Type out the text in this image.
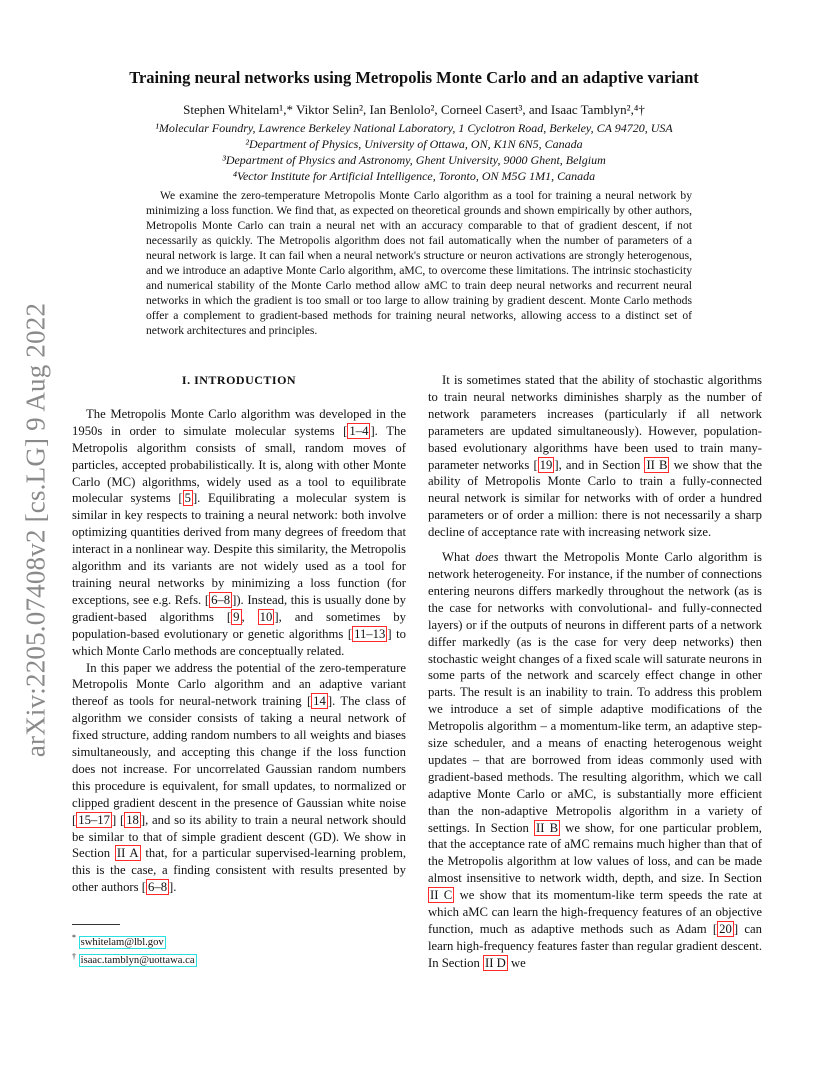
arXiv:2205.07408v2 [cs.LG] 9 Aug 2022
Training neural networks using Metropolis Monte Carlo and an adaptive variant
Stephen Whitelam¹,* Viktor Selin², Ian Benlolo², Corneel Casert³, and Isaac Tamblyn²,⁴†
¹Molecular Foundry, Lawrence Berkeley National Laboratory, 1 Cyclotron Road, Berkeley, CA 94720, USA
²Department of Physics, University of Ottawa, ON, K1N 6N5, Canada
³Department of Physics and Astronomy, Ghent University, 9000 Ghent, Belgium
⁴Vector Institute for Artificial Intelligence, Toronto, ON M5G 1M1, Canada

We examine the zero-temperature Metropolis Monte Carlo algorithm as a tool for training a neural network by minimizing a loss function. We find that, as expected on theoretical grounds and shown empirically by other authors, Metropolis Monte Carlo can train a neural net with an accuracy comparable to that of gradient descent, if not necessarily as quickly. The Metropolis algorithm does not fail automatically when the number of parameters of a neural network is large. It can fail when a neural network's structure or neuron activations are strongly heterogenous, and we introduce an adaptive Monte Carlo algorithm, aMC, to overcome these limitations. The intrinsic stochasticity and numerical stability of the Monte Carlo method allow aMC to train deep neural networks and recurrent neural networks in which the gradient is too small or too large to allow training by gradient descent. Monte Carlo methods offer a complement to gradient-based methods for training neural networks, allowing access to a distinct set of network architectures and principles.

I. INTRODUCTION

The Metropolis Monte Carlo algorithm was developed in the 1950s in order to simulate molecular systems [ 1–4 ]. The Metropolis algorithm consists of small, random moves of particles, accepted probabilistically. It is, along with other Monte Carlo (MC) algorithms, widely used as a tool to equilibrate molecular systems [ 5 ]. Equilibrating a molecular system is similar in key respects to training a neural network: both involve optimizing quantities derived from many degrees of freedom that interact in a nonlinear way. Despite this similarity, the Metropolis algorithm and its variants are not widely used as a tool for training neural networks by minimizing a loss function (for exceptions, see e.g. Refs. [ 6–8 ]). Instead, this is usually done by gradient-based algorithms [ 9 , 10 ], and sometimes by population-based evolutionary or genetic algorithms [ 11–13 ] to which Monte Carlo methods are conceptually related.

In this paper we address the potential of the zero-temperature Metropolis Monte Carlo algorithm and an adaptive variant thereof as tools for neural-network training [ 14 ]. The class of algorithm we consider consists of taking a neural network of fixed structure, adding random numbers to all weights and biases simultaneously, and accepting this change if the loss function does not increase. For uncorrelated Gaussian random numbers this procedure is equivalent, for small updates, to normalized or clipped gradient descent in the presence of Gaussian white noise [ 15–17 ] [ 18 ], and so its ability to train a neural network should be similar to that of simple gradient descent (GD). We show in Section II A that, for a particular supervised-learning problem, this is the case, a finding consistent with results presented by other authors [ 6–8 ].

* swhitelam@lbl.gov

† isaac.tamblyn@uottawa.ca

It is sometimes stated that the ability of stochastic algorithms to train neural networks diminishes sharply as the number of network parameters increases (particularly if all network parameters are updated simultaneously). However, population-based evolutionary algorithms have been used to train many-parameter networks [ 19 ], and in Section II B we show that the ability of Metropolis Monte Carlo to train a fully-connected neural network is similar for networks with of order a hundred parameters or of order a million: there is not necessarily a sharp decline of acceptance rate with increasing network size.

What does thwart the Metropolis Monte Carlo algorithm is network heterogeneity. For instance, if the number of connections entering neurons differs markedly throughout the network (as is the case for networks with convolutional- and fully-connected layers) or if the outputs of neurons in different parts of a network differ markedly (as is the case for very deep networks) then stochastic weight changes of a fixed scale will saturate neurons in some parts of the network and scarcely effect change in other parts. The result is an inability to train. To address this problem we introduce a set of simple adaptive modifications of the Metropolis algorithm – a momentum-like term, an adaptive step-size scheduler, and a means of enacting heterogenous weight updates – that are borrowed from ideas commonly used with gradient-based methods. The resulting algorithm, which we call adaptive Monte Carlo or aMC, is substantially more efficient than the non-adaptive Metropolis algorithm in a variety of settings. In Section II B we show, for one particular problem, that the acceptance rate of aMC remains much higher than that of the Metropolis algorithm at low values of loss, and can be made almost insensitive to network width, depth, and size. In Section II C we show that its momentum-like term speeds the rate at which aMC can learn the high-frequency features of an objective function, much as adaptive methods such as Adam [ 20 ] can learn high-frequency features faster than regular gradient descent. In Section II D we
